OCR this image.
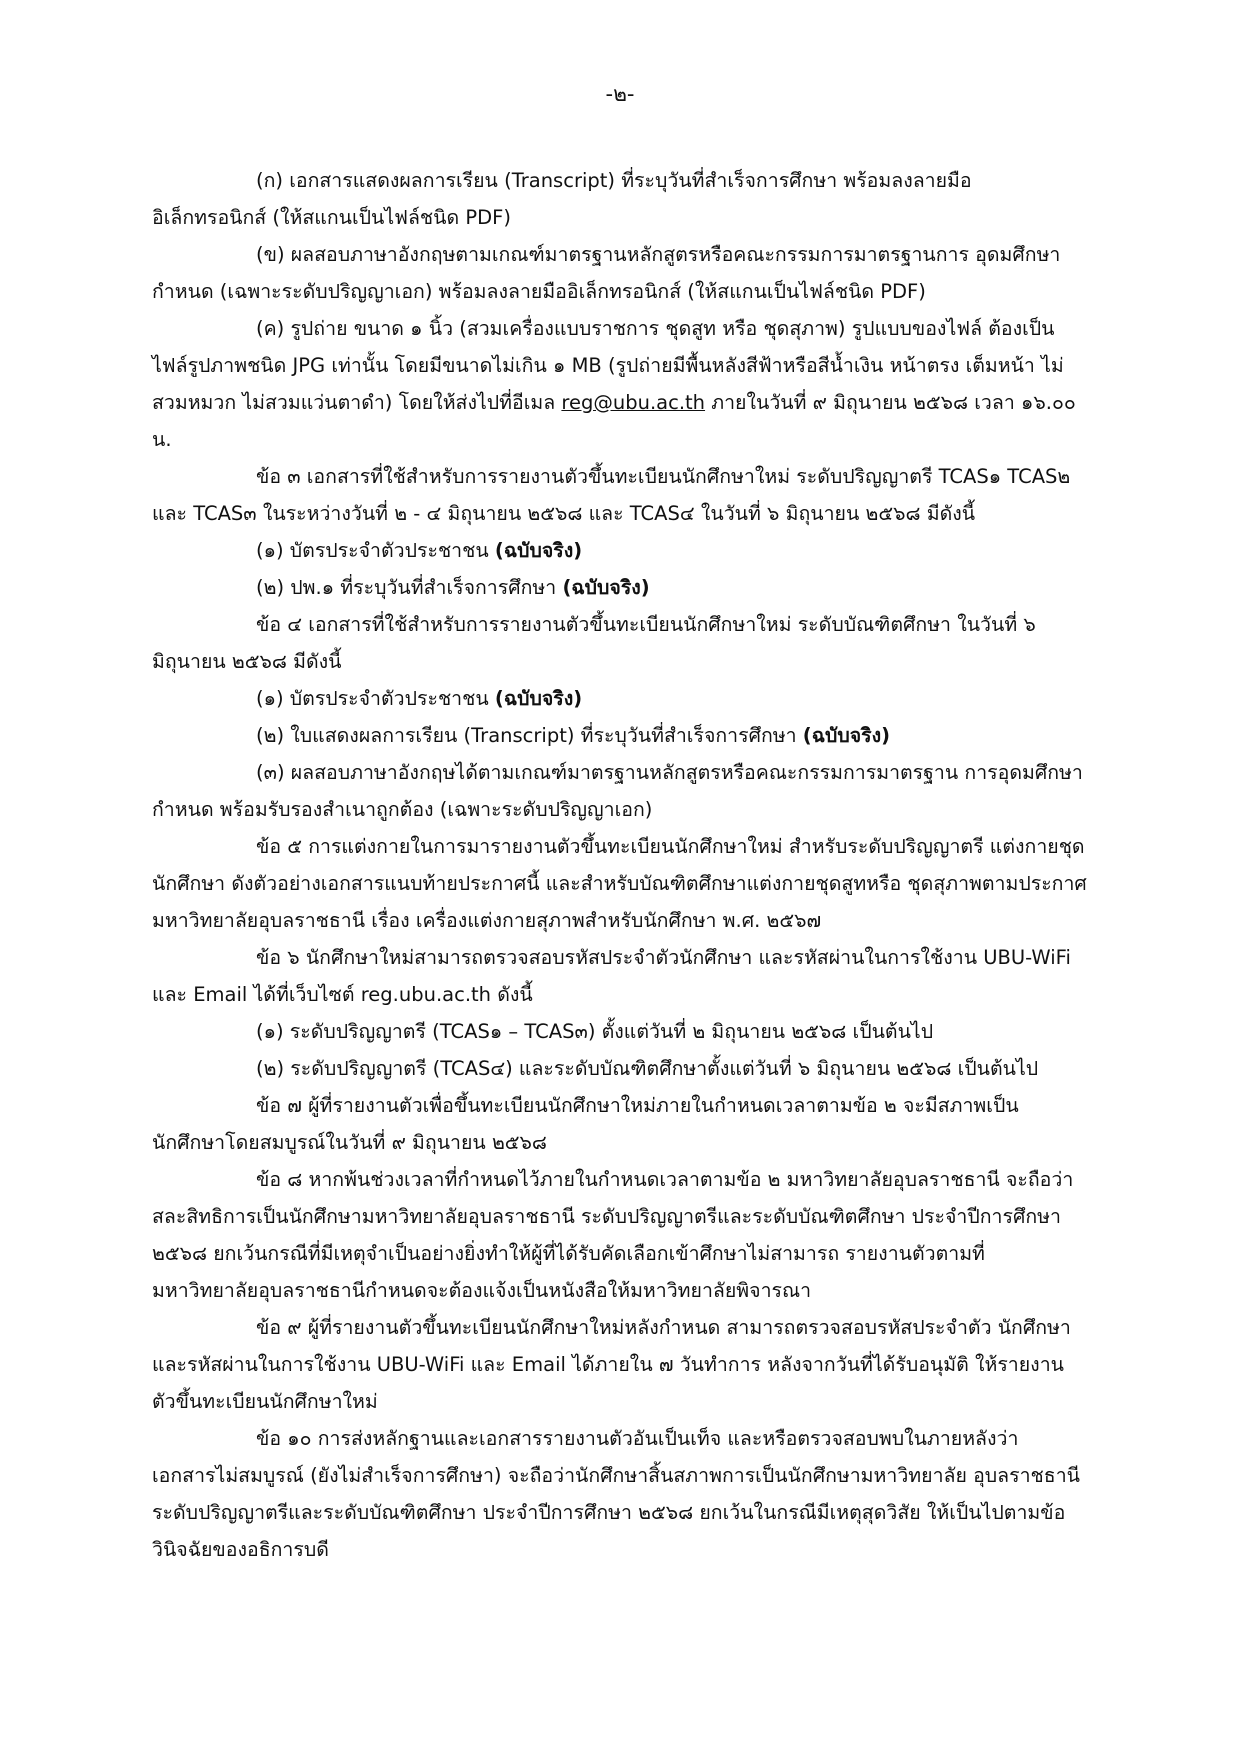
-๒-

(ก) เอกสารแสดงผลการเรียน (Transcript) ที่ระบุวันที่สำเร็จการศึกษา พร้อมลงลายมือ อิเล็กทรอนิกส์ (ให้สแกนเป็นไฟล์ชนิด PDF)

(ข) ผลสอบภาษาอังกฤษตามเกณฑ์มาตรฐานหลักสูตรหรือคณะกรรมการมาตรฐานการ อุดมศึกษากำหนด (เฉพาะระดับปริญญาเอก) พร้อมลงลายมืออิเล็กทรอนิกส์ (ให้สแกนเป็นไฟล์ชนิด PDF)

(ค) รูปถ่าย ขนาด ๑ นิ้ว (สวมเครื่องแบบราชการ ชุดสูท หรือ ชุดสุภาพ) รูปแบบของไฟล์ ต้องเป็นไฟล์รูปภาพชนิด JPG เท่านั้น โดยมีขนาดไม่เกิน ๑ MB (รูปถ่ายมีพื้นหลังสีฟ้าหรือสีน้ำเงิน หน้าตรง เต็มหน้า ไม่สวมหมวก ไม่สวมแว่นตาดำ) โดยให้ส่งไปที่อีเมล reg@ubu.ac.th ภายในวันที่ ๙ มิถุนายน ๒๕๖๘ เวลา ๑๖.๐๐ น.

ข้อ ๓ เอกสารที่ใช้สำหรับการรายงานตัวขึ้นทะเบียนนักศึกษาใหม่ ระดับปริญญาตรี TCAS๑ TCAS๒ และ TCAS๓ ในระหว่างวันที่ ๒ - ๔ มิถุนายน ๒๕๖๘ และ TCAS๔ ในวันที่ ๖ มิถุนายน ๒๕๖๘ มีดังนี้

(๑) บัตรประจำตัวประชาชน (ฉบับจริง)

(๒) ปพ.๑ ที่ระบุวันที่สำเร็จการศึกษา (ฉบับจริง)

ข้อ ๔ เอกสารที่ใช้สำหรับการรายงานตัวขึ้นทะเบียนนักศึกษาใหม่ ระดับบัณฑิตศึกษา ในวันที่ ๖ มิถุนายน ๒๕๖๘ มีดังนี้

(๑) บัตรประจำตัวประชาชน (ฉบับจริง)

(๒) ใบแสดงผลการเรียน (Transcript) ที่ระบุวันที่สำเร็จการศึกษา (ฉบับจริง)

(๓) ผลสอบภาษาอังกฤษได้ตามเกณฑ์มาตรฐานหลักสูตรหรือคณะกรรมการมาตรฐาน การอุดมศึกษากำหนด พร้อมรับรองสำเนาถูกต้อง (เฉพาะระดับปริญญาเอก)

ข้อ ๕ การแต่งกายในการมารายงานตัวขึ้นทะเบียนนักศึกษาใหม่ สำหรับระดับปริญญาตรี แต่งกายชุดนักศึกษา ดังตัวอย่างเอกสารแนบท้ายประกาศนี้ และสำหรับบัณฑิตศึกษาแต่งกายชุดสูทหรือ ชุดสุภาพตามประกาศมหาวิทยาลัยอุบลราชธานี เรื่อง เครื่องแต่งกายสุภาพสำหรับนักศึกษา พ.ศ. ๒๕๖๗

ข้อ ๖ นักศึกษาใหม่สามารถตรวจสอบรหัสประจำตัวนักศึกษา และรหัสผ่านในการใช้งาน UBU-WiFi และ Email ได้ที่เว็บไซต์ reg.ubu.ac.th ดังนี้

(๑) ระดับปริญญาตรี (TCAS๑ – TCAS๓) ตั้งแต่วันที่ ๒ มิถุนายน ๒๕๖๘ เป็นต้นไป

(๒) ระดับปริญญาตรี (TCAS๔) และระดับบัณฑิตศึกษาตั้งแต่วันที่ ๖ มิถุนายน ๒๕๖๘ เป็นต้นไป

ข้อ ๗ ผู้ที่รายงานตัวเพื่อขึ้นทะเบียนนักศึกษาใหม่ภายในกำหนดเวลาตามข้อ ๒ จะมีสภาพเป็น นักศึกษาโดยสมบูรณ์ในวันที่ ๙ มิถุนายน ๒๕๖๘

ข้อ ๘ หากพ้นช่วงเวลาที่กำหนดไว้ภายในกำหนดเวลาตามข้อ ๒ มหาวิทยาลัยอุบลราชธานี จะถือว่าสละสิทธิการเป็นนักศึกษามหาวิทยาลัยอุบลราชธานี ระดับปริญญาตรีและระดับบัณฑิตศึกษา ประจำปีการศึกษา ๒๕๖๘ ยกเว้นกรณีที่มีเหตุจำเป็นอย่างยิ่งทำให้ผู้ที่ได้รับคัดเลือกเข้าศึกษาไม่สามารถ รายงานตัวตามที่มหาวิทยาลัยอุบลราชธานีกำหนดจะต้องแจ้งเป็นหนังสือให้มหาวิทยาลัยพิจารณา

ข้อ ๙ ผู้ที่รายงานตัวขึ้นทะเบียนนักศึกษาใหม่หลังกำหนด สามารถตรวจสอบรหัสประจำตัว นักศึกษา และรหัสผ่านในการใช้งาน UBU-WiFi และ Email ได้ภายใน ๗ วันทำการ หลังจากวันที่ได้รับอนุมัติ ให้รายงานตัวขึ้นทะเบียนนักศึกษาใหม่

ข้อ ๑๐ การส่งหลักฐานและเอกสารรายงานตัวอันเป็นเท็จ และหรือตรวจสอบพบในภายหลังว่า เอกสารไม่สมบูรณ์ (ยังไม่สำเร็จการศึกษา) จะถือว่านักศึกษาสิ้นสภาพการเป็นนักศึกษามหาวิทยาลัย อุบลราชธานี ระดับปริญญาตรีและระดับบัณฑิตศึกษา ประจำปีการศึกษา ๒๕๖๘ ยกเว้นในกรณีมีเหตุสุดวิสัย ให้เป็นไปตามข้อวินิจฉัยของอธิการบดี
